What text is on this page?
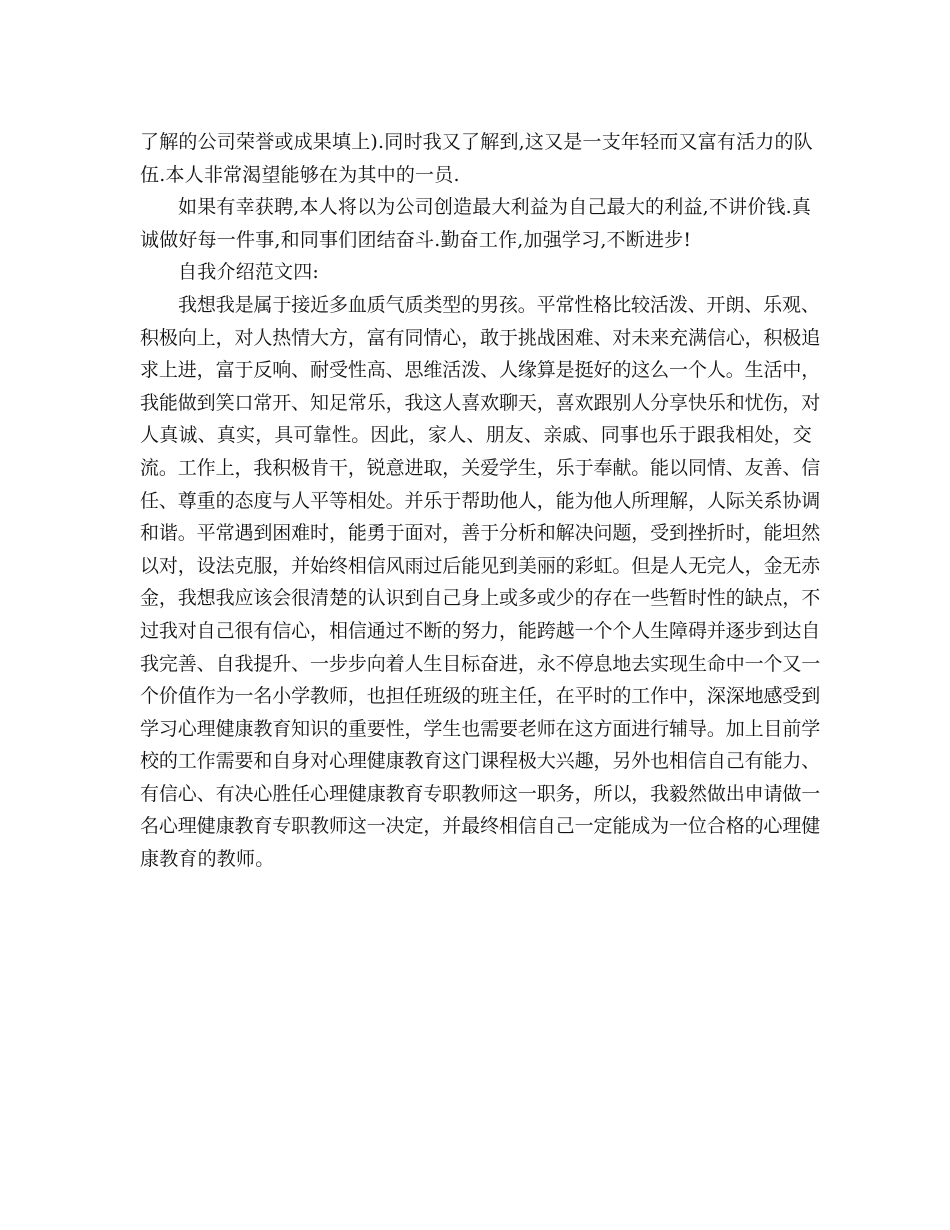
了解的公司荣誉或成果填上).同时我又了解到,这又是一支年轻而又富有活力的队
伍.本人非常渴望能够在为其中的一员.
如果有幸获聘,本人将以为公司创造最大利益为自己最大的利益,不讲价钱.真
诚做好每一件事,和同事们团结奋斗.勤奋工作,加强学习,不断进步!
自我介绍范文四:
我想我是属于接近多血质气质类型的男孩。平常性格比较活泼、开朗、乐观、
积极向上，对人热情大方，富有同情心，敢于挑战困难、对未来充满信心，积极追
求上进，富于反响、耐受性高、思维活泼、人缘算是挺好的这么一个人。生活中，
我能做到笑口常开、知足常乐，我这人喜欢聊天，喜欢跟别人分享快乐和忧伤，对
人真诚、真实，具可靠性。因此，家人、朋友、亲戚、同事也乐于跟我相处，交
流。工作上，我积极肯干，锐意进取，关爱学生，乐于奉献。能以同情、友善、信
任、尊重的态度与人平等相处。并乐于帮助他人，能为他人所理解，人际关系协调
和谐。平常遇到困难时，能勇于面对，善于分析和解决问题，受到挫折时，能坦然
以对，设法克服，并始终相信风雨过后能见到美丽的彩虹。但是人无完人，金无赤
金，我想我应该会很清楚的认识到自己身上或多或少的存在一些暂时性的缺点，不
过我对自己很有信心，相信通过不断的努力，能跨越一个个人生障碍并逐步到达自
我完善、自我提升、一步步向着人生目标奋进，永不停息地去实现生命中一个又一
个价值作为一名小学教师，也担任班级的班主任，在平时的工作中，深深地感受到
学习心理健康教育知识的重要性，学生也需要老师在这方面进行辅导。加上目前学
校的工作需要和自身对心理健康教育这门课程极大兴趣，另外也相信自己有能力、
有信心、有决心胜任心理健康教育专职教师这一职务，所以，我毅然做出申请做一
名心理健康教育专职教师这一决定，并最终相信自己一定能成为一位合格的心理健
康教育的教师。
